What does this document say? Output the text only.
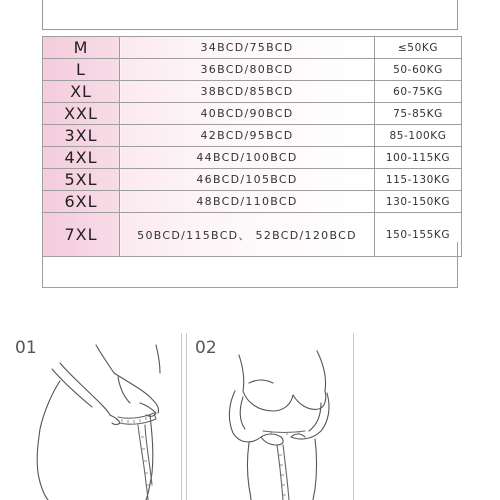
M	34BCD/75BCD	≤50KG
L	36BCD/80BCD	50-60KG
XL	38BCD/85BCD	60-75KG
XXL	40BCD/90BCD	75-85KG
3XL	42BCD/95BCD	85-100KG
4XL	44BCD/100BCD	100-115KG
5XL	46BCD/105BCD	115-130KG
6XL	48BCD/110BCD	130-150KG
7XL	50BCD/115BCD、 52BCD/120BCD	150-155KG
01	02
